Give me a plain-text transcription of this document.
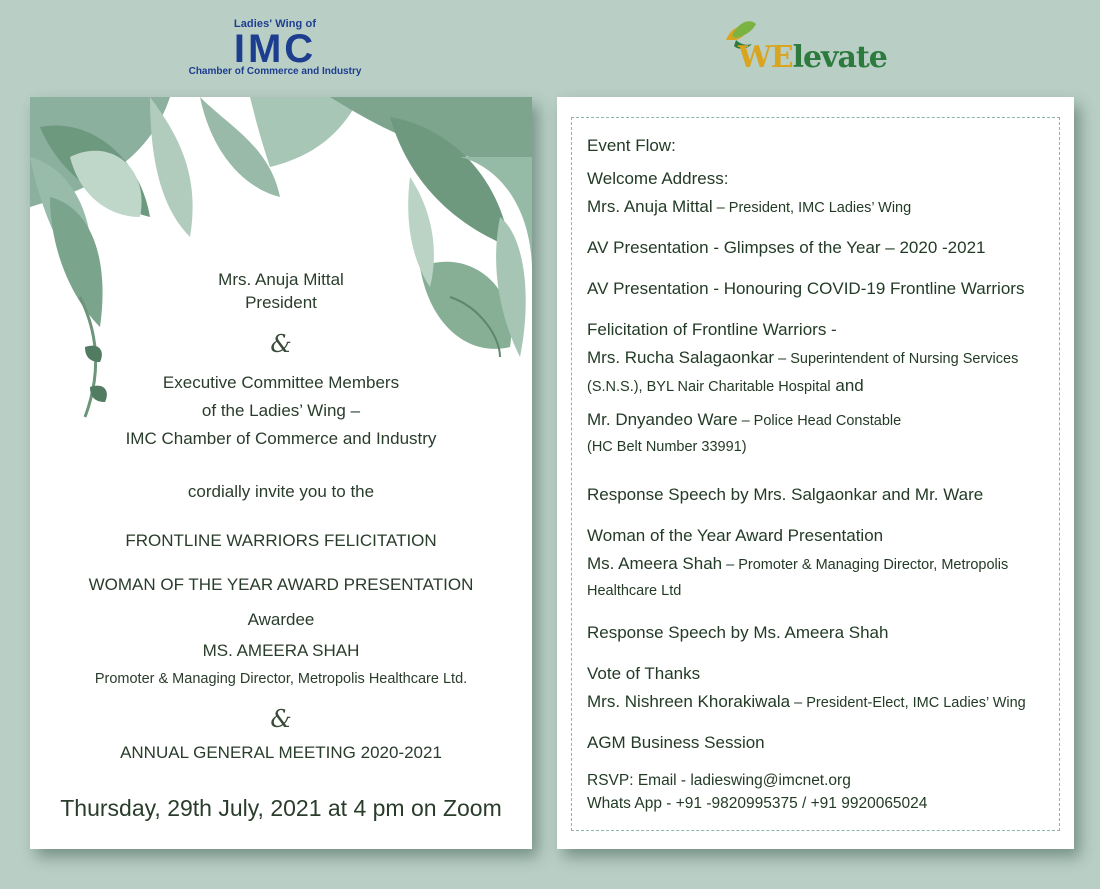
Ladies' Wing of
IMC
Chamber of Commerce and Industry	WElevate
Mrs. Anuja Mittal
President
&
Executive Committee Members
of the Ladies’ Wing –
IMC Chamber of Commerce and Industry
cordially invite you to the
FRONTLINE WARRIORS FELICITATION
WOMAN OF THE YEAR AWARD PRESENTATION
Awardee
MS. AMEERA SHAH
Promoter & Managing Director, Metropolis Healthcare Ltd.
&
ANNUAL GENERAL MEETING 2020-2021
Thursday, 29th July, 2021 at 4 pm on Zoom
Event Flow:
Welcome Address:
Mrs. Anuja Mittal – President, IMC Ladies’ Wing
AV Presentation - Glimpses of the Year – 2020 -2021
AV Presentation - Honouring COVID-19 Frontline Warriors
Felicitation of Frontline Warriors -
Mrs. Rucha Salagaonkar – Superintendent of Nursing Services
(S.N.S.), BYL Nair Charitable Hospital and
Mr. Dnyandeo Ware – Police Head Constable
(HC Belt Number 33991)
Response Speech by Mrs. Salgaonkar and Mr. Ware
Woman of the Year Award Presentation
Ms. Ameera Shah – Promoter & Managing Director, Metropolis
Healthcare Ltd
Response Speech by Ms. Ameera Shah
Vote of Thanks
Mrs. Nishreen Khorakiwala – President-Elect, IMC Ladies’ Wing
AGM Business Session
RSVP: Email - ladieswing@imcnet.org
Whats App - +91 -9820995375 / +91 9920065024
